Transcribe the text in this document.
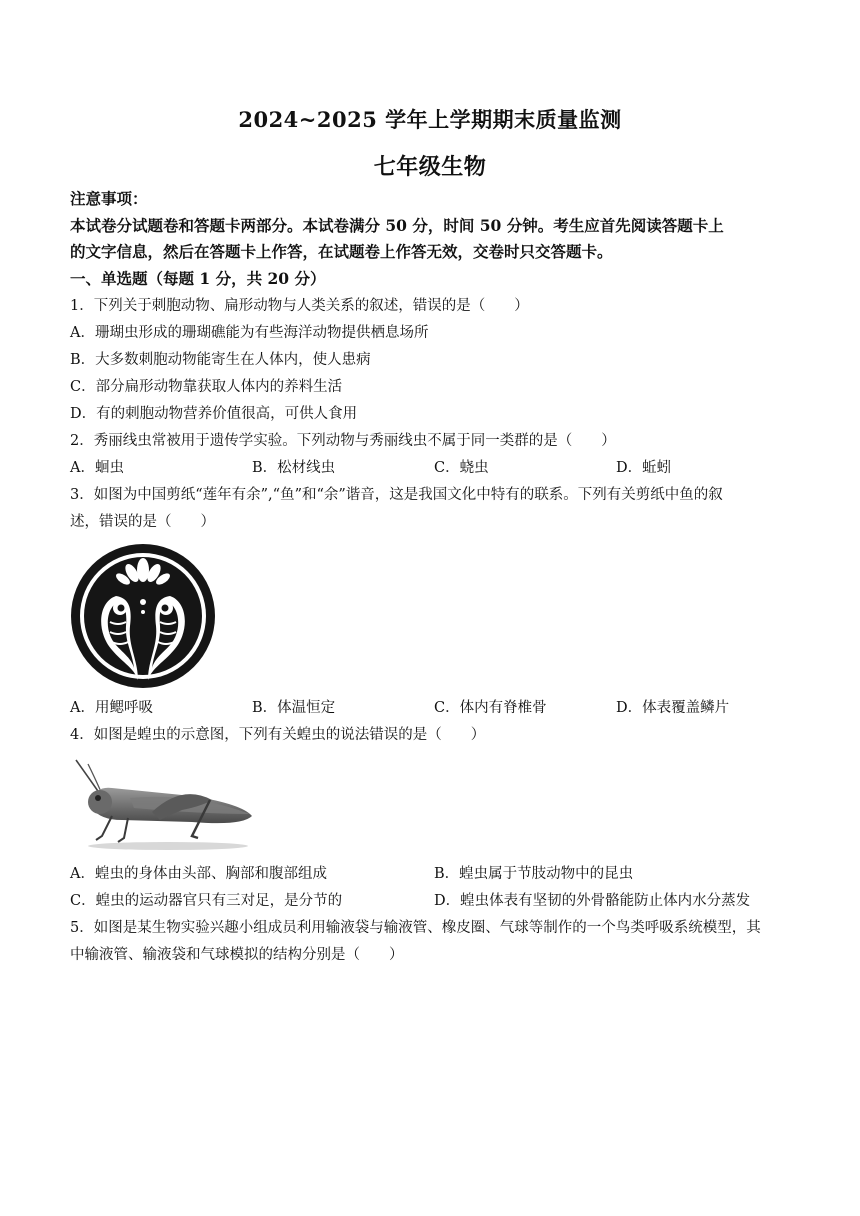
2024~2025 学年上学期期末质量监测
七年级生物
注意事项：
本试卷分试题卷和答题卡两部分。本试卷满分 50 分，时间 50 分钟。考生应首先阅读答题卡上
的文字信息，然后在答题卡上作答，在试题卷上作答无效，交卷时只交答题卡。
一、单选题（每题 1 分，共 20 分）
1．下列关于刺胞动物、扁形动物与人类关系的叙述，错误的是（　　）
A．珊瑚虫形成的珊瑚礁能为有些海洋动物提供栖息场所
B．大多数刺胞动物能寄生在人体内，使人患病
C．部分扁形动物靠获取人体内的养料生活
D．有的刺胞动物营养价值很高，可供人食用
2．秀丽线虫常被用于遗传学实验。下列动物与秀丽线虫不属于同一类群的是（　　）
A．蛔虫	B．松材线虫	C．蛲虫	D．蚯蚓
3．如图为中国剪纸“莲年有余”,“鱼”和“余”谐音，这是我国文化中特有的联系。下列有关剪纸中鱼的叙
述，错误的是（　　）
A．用鳃呼吸	B．体温恒定	C．体内有脊椎骨	D．体表覆盖鳞片
4．如图是蝗虫的示意图，下列有关蝗虫的说法错误的是（　　）
A．蝗虫的身体由头部、胸部和腹部组成	B．蝗虫属于节肢动物中的昆虫
C．蝗虫的运动器官只有三对足，是分节的	D．蝗虫体表有坚韧的外骨骼能防止体内水分蒸发
5．如图是某生物实验兴趣小组成员利用输液袋与输液管、橡皮圈、气球等制作的一个鸟类呼吸系统模型，其
中输液管、输液袋和气球模拟的结构分别是（　　）
